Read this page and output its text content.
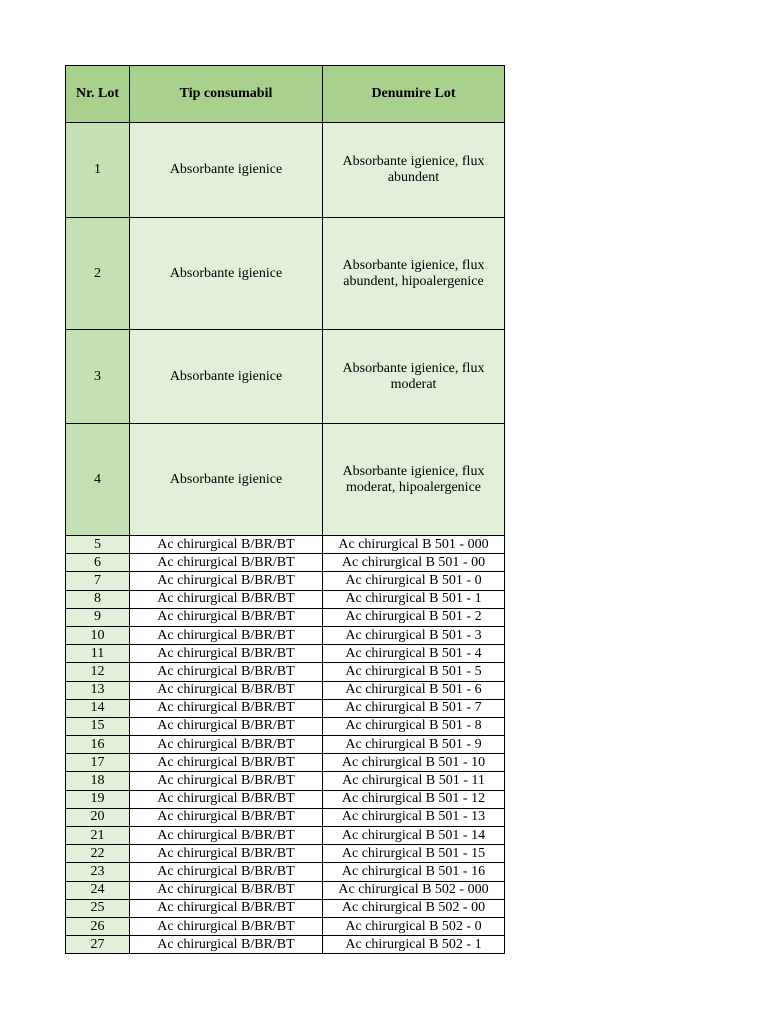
Nr. Lot	Tip consumabil	Denumire Lot
1	Absorbante igienice	Absorbante igienice, flux abundent
2	Absorbante igienice	Absorbante igienice, flux abundent, hipoalergenice
3	Absorbante igienice	Absorbante igienice, flux moderat
4	Absorbante igienice	Absorbante igienice, flux moderat, hipoalergenice
5	Ac chirurgical B/BR/BT	Ac chirurgical B 501 - 000
6	Ac chirurgical B/BR/BT	Ac chirurgical B 501 - 00
7	Ac chirurgical B/BR/BT	Ac chirurgical B 501 - 0
8	Ac chirurgical B/BR/BT	Ac chirurgical B 501 - 1
9	Ac chirurgical B/BR/BT	Ac chirurgical B 501 - 2
10	Ac chirurgical B/BR/BT	Ac chirurgical B 501 - 3
11	Ac chirurgical B/BR/BT	Ac chirurgical B 501 - 4
12	Ac chirurgical B/BR/BT	Ac chirurgical B 501 - 5
13	Ac chirurgical B/BR/BT	Ac chirurgical B 501 - 6
14	Ac chirurgical B/BR/BT	Ac chirurgical B 501 - 7
15	Ac chirurgical B/BR/BT	Ac chirurgical B 501 - 8
16	Ac chirurgical B/BR/BT	Ac chirurgical B 501 - 9
17	Ac chirurgical B/BR/BT	Ac chirurgical B 501 - 10
18	Ac chirurgical B/BR/BT	Ac chirurgical B 501 - 11
19	Ac chirurgical B/BR/BT	Ac chirurgical B 501 - 12
20	Ac chirurgical B/BR/BT	Ac chirurgical B 501 - 13
21	Ac chirurgical B/BR/BT	Ac chirurgical B 501 - 14
22	Ac chirurgical B/BR/BT	Ac chirurgical B 501 - 15
23	Ac chirurgical B/BR/BT	Ac chirurgical B 501 - 16
24	Ac chirurgical B/BR/BT	Ac chirurgical B 502 - 000
25	Ac chirurgical B/BR/BT	Ac chirurgical B 502 - 00
26	Ac chirurgical B/BR/BT	Ac chirurgical B 502 - 0
27	Ac chirurgical B/BR/BT	Ac chirurgical B 502 - 1
